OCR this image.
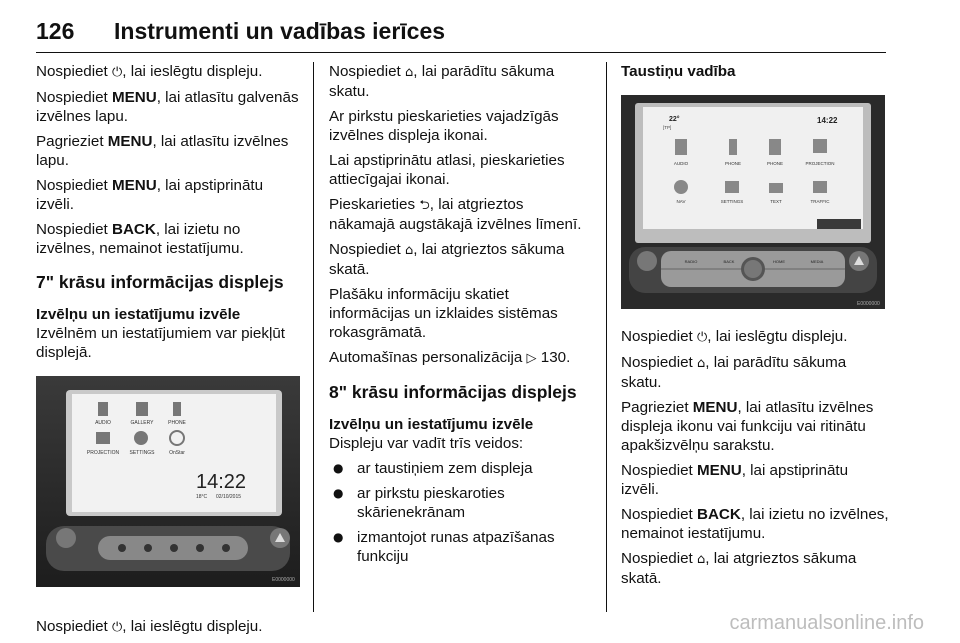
126 Instrumenti un vadības ierīces

Nospiediet ⏻, lai ieslēgtu displeju.

Nospiediet MENU, lai atlasītu galvenās izvēlnes lapu.

Pagrieziet MENU, lai atlasītu izvēlnes lapu.

Nospiediet MENU, lai apstiprinātu izvēli.

Nospiediet BACK, lai izietu no izvēlnes, nemainot iestatījumu.

7" krāsu informācijas displejs
Izvēlņu un iestatījumu izvēle

Izvēlnēm un iestatījumiem var piekļūt displejā.

AUDIO	GALLERY	PHONE
PROJECTION SETTINGS	OnStar
14:22
18°C 02/10/2015
E0000000

Nospiediet ⏻, lai ieslēgtu displeju.

Nospiediet ⌂, lai parādītu sākuma skatu.

Ar pirkstu pieskarieties vajadzīgās izvēlnes displeja ikonai.

Lai apstiprinātu atlasi, pieskarieties attiecīgajai ikonai.

Pieskarieties ⮌, lai atgrieztos nākamajā augstākajā izvēlnes līmenī.

Nospiediet ⌂, lai atgrieztos sākuma skatā.

Plašāku informāciju skatiet informācijas un izklaides sistēmas rokasgrāmatā.

Automašīnas personalizācija ▷ 130.

8" krāsu informācijas displejs
Izvēlņu un iestatījumu izvēle

Displeju var vadīt trīs veidos:

● ar taustiņiem zem displeja
● ar pirkstu pieskaroties skārienekrānam
● izmantojot runas atpazīšanas funkciju
Taustiņu vadība
22°
[TP]
14:22
AUDIO	PHONE	PHONE	PROJECTION
NAV	SETTINGS	TEXT	TRAFFIC
RADIO	BACK	HOME	MEDIA
E0000000

Nospiediet ⏻, lai ieslēgtu displeju.

Nospiediet ⌂, lai parādītu sākuma skatu.

Pagrieziet MENU, lai atlasītu izvēlnes displeja ikonu vai funkciju vai ritinātu apakšizvēlņu sarakstu.

Nospiediet MENU, lai apstiprinātu izvēli.

Nospiediet BACK, lai izietu no izvēlnes, nemainot iestatījumu.

Nospiediet ⌂, lai atgrieztos sākuma skatā.

carmanualsonline.info
